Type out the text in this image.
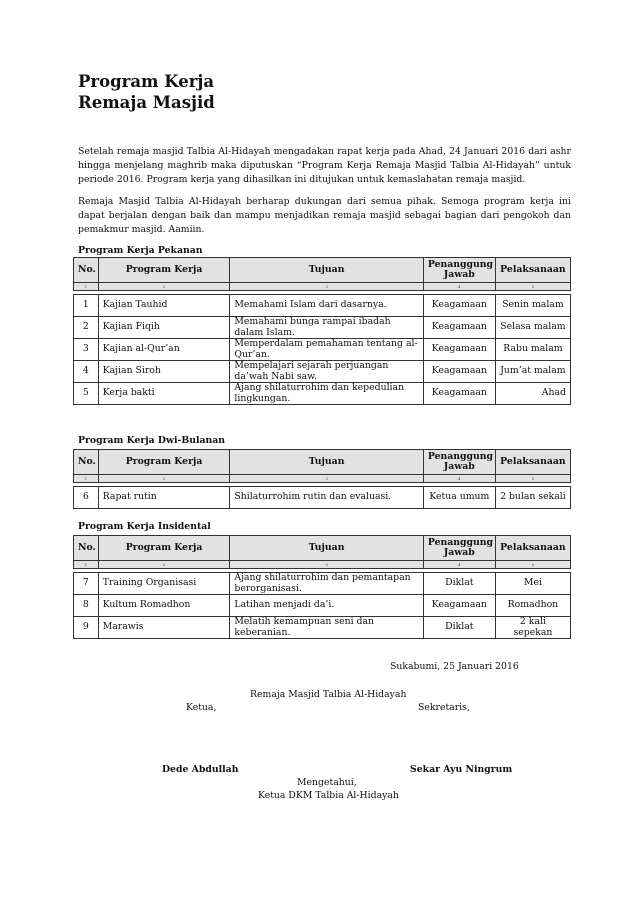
Program Kerja
Remaja Masjid

Setelah remaja masjid Talbia Al-Hidayah mengadakan rapat kerja pada Ahad, 24 Januari 2016 dari ashr hingga menjelang maghrib maka diputuskan “Program Kerja Remaja Masjid Talbia Al-Hidayah” untuk periode 2016. Program kerja yang dihasilkan ini ditujukan untuk kemaslahatan remaja masjid.

Remaja Masjid Talbia Al-Hidayah berharap dukungan dari semua pihak. Semoga program kerja ini dapat berjalan dengan baik dan mampu menjadikan remaja masjid sebagai bagian dari pengokoh dan pemakmur masjid. Aamiin.

Program Kerja Pekanan

No.	Program Kerja	Tujuan	Penanggung Jawab	Pelaksanaan
1	2	3	4	5

1	Kajian Tauhid	Memahami Islam dari dasarnya.	Keagamaan	Senin malam
2	Kajian Fiqih	Memahami bunga rampai ibadah dalam Islam.	Keagamaan	Selasa malam
3	Kajian al-Qur’an	Memperdalam pemahaman tentang al-Qur’an.	Keagamaan	Rabu malam
4	Kajian Siroh	Mempelajari sejarah perjuangan da’wah Nabi saw.	Keagamaan	Jum’at malam
5	Kerja bakti	Ajang shilaturrohim dan kepedulian lingkungan.	Keagamaan	Ahad

Program Kerja Dwi-Bulanan

No.	Program Kerja	Tujuan	Penanggung Jawab	Pelaksanaan
1	2	3	4	5

6	Rapat rutin	Shilaturrohim rutin dan evaluasi.	Ketua umum	2 bulan sekali

Program Kerja Insidental

No.	Program Kerja	Tujuan	Penanggung Jawab	Pelaksanaan
1	2	3	4	5

7	Training Organisasi	Ajang shilaturrohim dan pemantapan berorganisasi.	Diklat	Mei
8	Kultum Romadhon	Latihan menjadi da’i.	Keagamaan	Romadhon
9	Marawis	Melatih kemampuan seni dan keberanian.	Diklat	2 kali sepekan

Sukabumi, 25 Januari 2016

Remaja Masjid Talbia Al-Hidayah

Ketua,	Sekretaris,

Dede Abdullah	Sekar Ayu Ningrum

Mengetahui,

Ketua DKM Talbia Al-Hidayah
